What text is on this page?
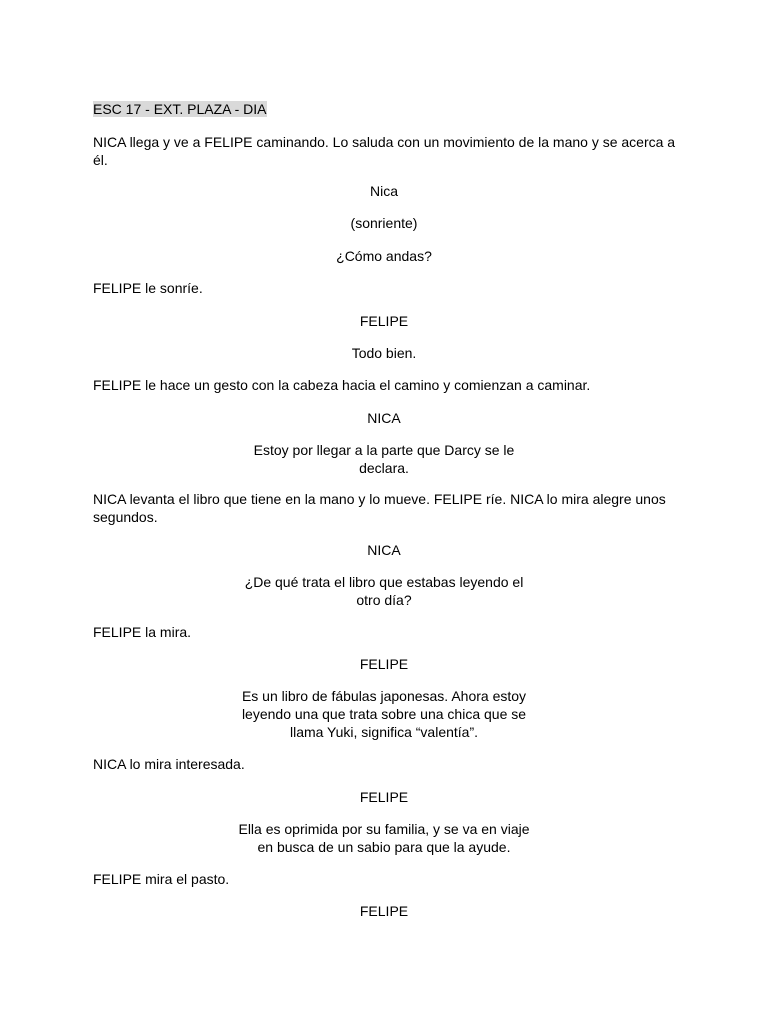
ESC 17 - EXT. PLAZA - DIA

NICA llega y ve a FELIPE caminando. Lo saluda con un movimiento de la mano y se acerca a él.

Nica

(sonriente)

¿Cómo andas?

FELIPE le sonríe.

FELIPE

Todo bien.

FELIPE le hace un gesto con la cabeza hacia el camino y comienzan a caminar.

NICA

Estoy por llegar a la parte que Darcy se le declara.

NICA levanta el libro que tiene en la mano y lo mueve. FELIPE ríe. NICA lo mira alegre unos segundos.

NICA

¿De qué trata el libro que estabas leyendo el otro día?

FELIPE la mira.

FELIPE

Es un libro de fábulas japonesas. Ahora estoy leyendo una que trata sobre una chica que se llama Yuki, significa “valentía”.

NICA lo mira interesada.

FELIPE

Ella es oprimida por su familia, y se va en viaje en busca de un sabio para que la ayude.

FELIPE mira el pasto.

FELIPE
